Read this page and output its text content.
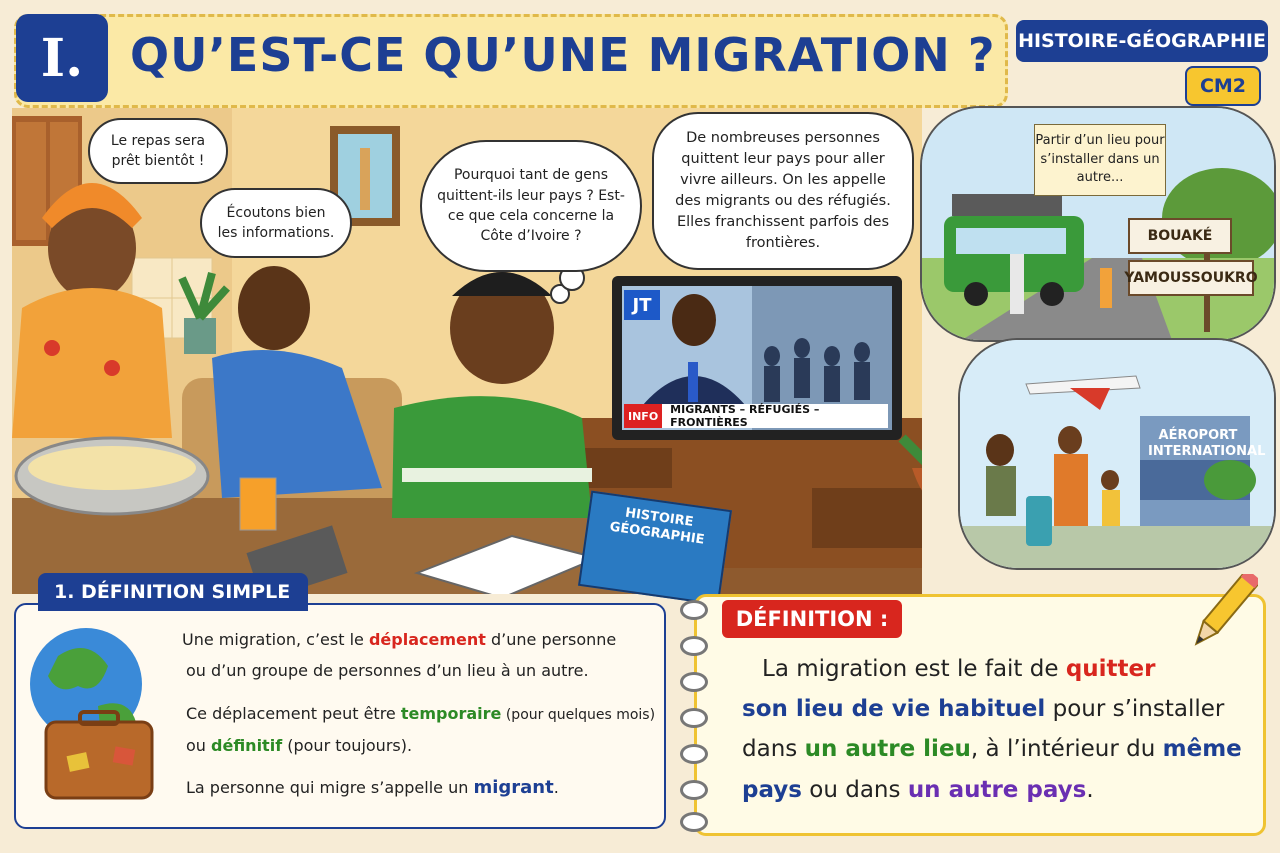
I.	QU’EST-CE QU’UNE MIGRATION ? HISTOIRE-GÉOGRAPHIE
CM2
JT
INFO	MIGRANTS – RÉFUGIÉS – FRONTIÈRES
HISTOIRE GÉOGRAPHIE
Le repas sera prêt bientôt !
Écoutons bien les informations.
Pourquoi tant de gens quittent-ils leur pays ? Est-ce que cela concerne la Côte d’Ivoire ?
De nombreuses personnes quittent leur pays pour aller vivre ailleurs. On les appelle des migrants ou des réfugiés. Elles franchissent parfois des frontières.
Partir d’un lieu pour s’installer dans un autre...
BOUAKÉ
YAMOUSSOUKRO
AÉROPORT INTERNATIONAL
1. DÉFINITION SIMPLE
Une migration, c’est le déplacement d’une personne
ou d’un groupe de personnes d’un lieu à un autre.
Ce déplacement peut être temporaire (pour quelques mois)
ou définitif (pour toujours).
La personne qui migre s’appelle un migrant.
DÉFINITION :
La migration est le fait de quitter
son lieu de vie habituel pour s’installer
dans un autre lieu, à l’intérieur du même
pays ou dans un autre pays.
